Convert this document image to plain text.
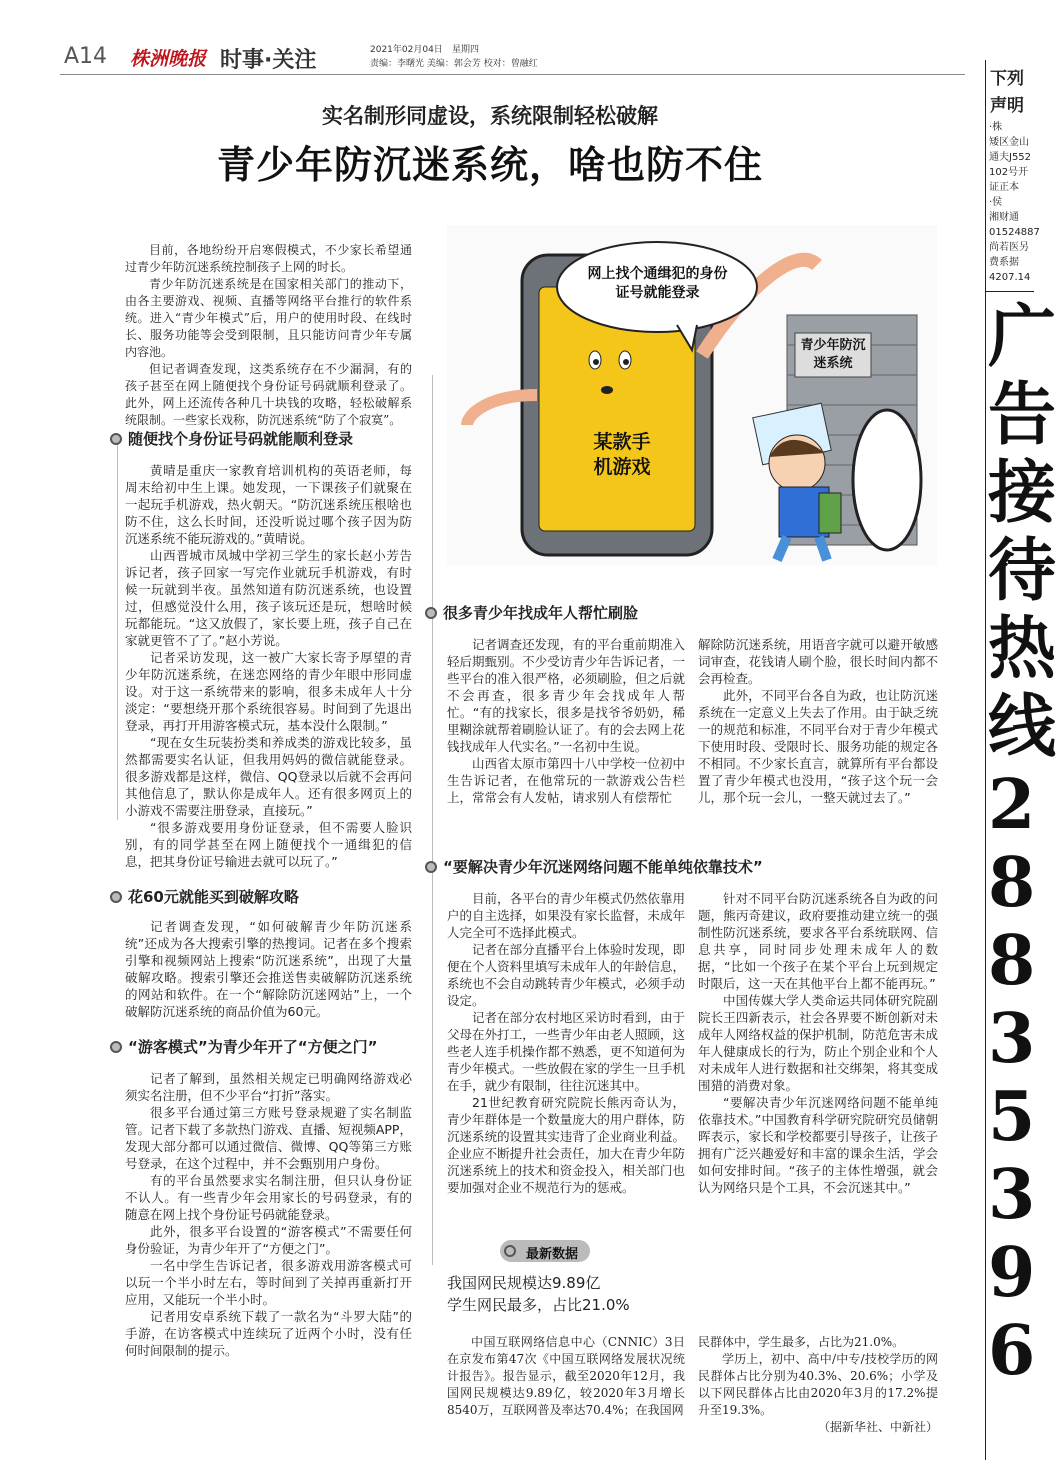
A14 株洲晚报 时事·关注	2021年02月04日 星期四
责编：李曙光 美编：郭会芳 校对：曾融红
实名制形同虚设，系统限制轻松破解
青少年防沉迷系统，啥也防不住

目前，各地纷纷开启寒假模式，不少家长希望通过青少年防沉迷系统控制孩子上网的时长。

青少年防沉迷系统是在国家相关部门的推动下，由各主要游戏、视频、直播等网络平台推行的软件系统。进入“青少年模式”后，用户的使用时段、在线时长、服务功能等会受到限制，且只能访问青少年专属内容池。

但记者调查发现，这类系统存在不少漏洞，有的孩子甚至在网上随便找个身份证号码就顺利登录了。此外，网上还流传各种几十块钱的攻略，轻松破解系统限制。一些家长戏称，防沉迷系统“防了个寂寞”。

网上找个通缉犯的身份证号就能登录
某款手机游戏
青少年防沉迷系统
随便找个身份证号码就能顺利登录

黄晴是重庆一家教育培训机构的英语老师，每周末给初中生上课。她发现，一下课孩子们就聚在一起玩手机游戏，热火朝天。“防沉迷系统压根啥也防不住，这么长时间，还没听说过哪个孩子因为防沉迷系统不能玩游戏的。”黄晴说。

山西晋城市凤城中学初三学生的家长赵小芳告诉记者，孩子回家一写完作业就玩手机游戏，有时候一玩就到半夜。虽然知道有防沉迷系统，也设置过，但感觉没什么用，孩子该玩还是玩，想啥时候玩都能玩。“这又放假了，家长要上班，孩子自己在家就更管不了了。”赵小芳说。

记者采访发现，这一被广大家长寄予厚望的青少年防沉迷系统，在迷恋网络的青少年眼中形同虚设。对于这一系统带来的影响，很多未成年人十分淡定：“要想绕开那个系统很容易。时间到了先退出登录，再打开用游客模式玩，基本没什么限制。”

“现在女生玩装扮类和养成类的游戏比较多，虽然都需要实名认证，但我用妈妈的微信就能登录。很多游戏都是这样，微信、QQ登录以后就不会再问其他信息了，默认你是成年人。还有很多网页上的小游戏不需要注册登录，直接玩。”

“很多游戏要用身份证登录，但不需要人脸识别，有的同学甚至在网上随便找个一通缉犯的信息，把其身份证号输进去就可以玩了。”

花60元就能买到破解攻略

记者调查发现，“如何破解青少年防沉迷系统”还成为各大搜索引擎的热搜词。记者在多个搜索引擎和视频网站上搜索“防沉迷系统”，出现了大量破解攻略。搜索引擎还会推送售卖破解防沉迷系统的网站和软件。在一个“解除防沉迷网站”上，一个破解防沉迷系统的商品价值为60元。

“游客模式”为青少年开了“方便之门”

记者了解到，虽然相关规定已明确网络游戏必须实名注册，但不少平台“打折”落实。

很多平台通过第三方账号登录规避了实名制监管。记者下载了多款热门游戏、直播、短视频APP，发现大部分都可以通过微信、微博、QQ等第三方账号登录，在这个过程中，并不会甄别用户身份。

有的平台虽然要求实名制注册，但只认身份证不认人。有一些青少年会用家长的号码登录，有的随意在网上找个身份证号码就能登录。

此外，很多平台设置的“游客模式”不需要任何身份验证，为青少年开了“方便之门”。

一名中学生告诉记者，很多游戏用游客模式可以玩一个半小时左右，等时间到了关掉再重新打开应用，又能玩一个半小时。

记者用安卓系统下载了一款名为“斗罗大陆”的手游，在访客模式中连续玩了近两个小时，没有任何时间限制的提示。

很多青少年找成年人帮忙刷脸

记者调查还发现，有的平台重前期准入轻后期甄别。不少受访青少年告诉记者，一些平台的准入很严格，必须刷脸，但之后就不会再查，很多青少年会找成年人帮忙。“有的找家长，很多是找爷爷奶奶，稀里糊涂就帮着刷脸认证了。有的会去网上花钱找成年人代实名。”一名初中生说。

山西省太原市第四十八中学校一位初中生告诉记者，在他常玩的一款游戏公告栏上，常常会有人发帖，请求别人有偿帮忙

解除防沉迷系统，用语音字就可以避开敏感词审查，花钱请人刷个脸，很长时间内都不会再检查。

此外，不同平台各自为政，也让防沉迷系统在一定意义上失去了作用。由于缺乏统一的规范和标准，不同平台对于青少年模式下使用时段、受限时长、服务功能的规定各不相同。不少家长直言，就算所有平台都设置了青少年模式也没用，“孩子这个玩一会儿，那个玩一会儿，一整天就过去了。”

“要解决青少年沉迷网络问题不能单纯依靠技术”

目前，各平台的青少年模式仍然依靠用户的自主选择，如果没有家长监督，未成年人完全可不选择此模式。

记者在部分直播平台上体验时发现，即便在个人资料里填写未成年人的年龄信息，系统也不会自动跳转青少年模式，必须手动设定。

记者在部分农村地区采访时看到，由于父母在外打工，一些青少年由老人照顾，这些老人连手机操作都不熟悉，更不知道何为青少年模式。一些放假在家的学生一旦手机在手，就少有限制，往往沉迷其中。

21世纪教育研究院院长熊丙奇认为，青少年群体是一个数量庞大的用户群体，防沉迷系统的设置其实违背了企业商业利益。企业应不断提升社会责任，加大在青少年防沉迷系统上的技术和资金投入，相关部门也要加强对企业不规范行为的惩戒。

针对不同平台防沉迷系统各自为政的问题，熊丙奇建议，政府要推动建立统一的强制性防沉迷系统，要求各平台系统联网、信息共享，同时同步处理未成年人的数据，“比如一个孩子在某个平台上玩到规定时限后，这一天在其他平台上都不能再玩。”

中国传媒大学人类命运共同体研究院副院长王四新表示，社会各界要不断创新对未成年人网络权益的保护机制，防范危害未成年人健康成长的行为，防止个别企业和个人对未成年人进行数据和社交绑架，将其变成围猎的消费对象。

“要解决青少年沉迷网络问题不能单纯依靠技术。”中国教育科学研究院研究员储朝晖表示，家长和学校都要引导孩子，让孩子拥有广泛兴趣爱好和丰富的课余生活，学会如何安排时间。“孩子的主体性增强，就会认为网络只是个工具，不会沉迷其中。”

最新数据
我国网民规模达9.89亿
学生网民最多，占比21.0%

中国互联网络信息中心（CNNIC）3日在京发布第47次《中国互联网络发展状况统计报告》。报告显示，截至2020年12月，我国网民规模达9.89亿，较2020年3月增长8540万，互联网普及率达70.4%；在我国网

民群体中，学生最多，占比为21.0%。

学历上，初中、高中/中专/技校学历的网民群体占比分别为40.3%、20.6%；小学及以下网民群体占比由2020年3月的17.2%提升至19.3%。

（据新华社、中新社）

下列
声明
·株
矮区金山
通夫J552
102号开
证正本
·侯
湘财通
01524887
尚若医另
费系据
4207.14
广
告
接
待
热
线
2
8
8
3
5
3
9
6
